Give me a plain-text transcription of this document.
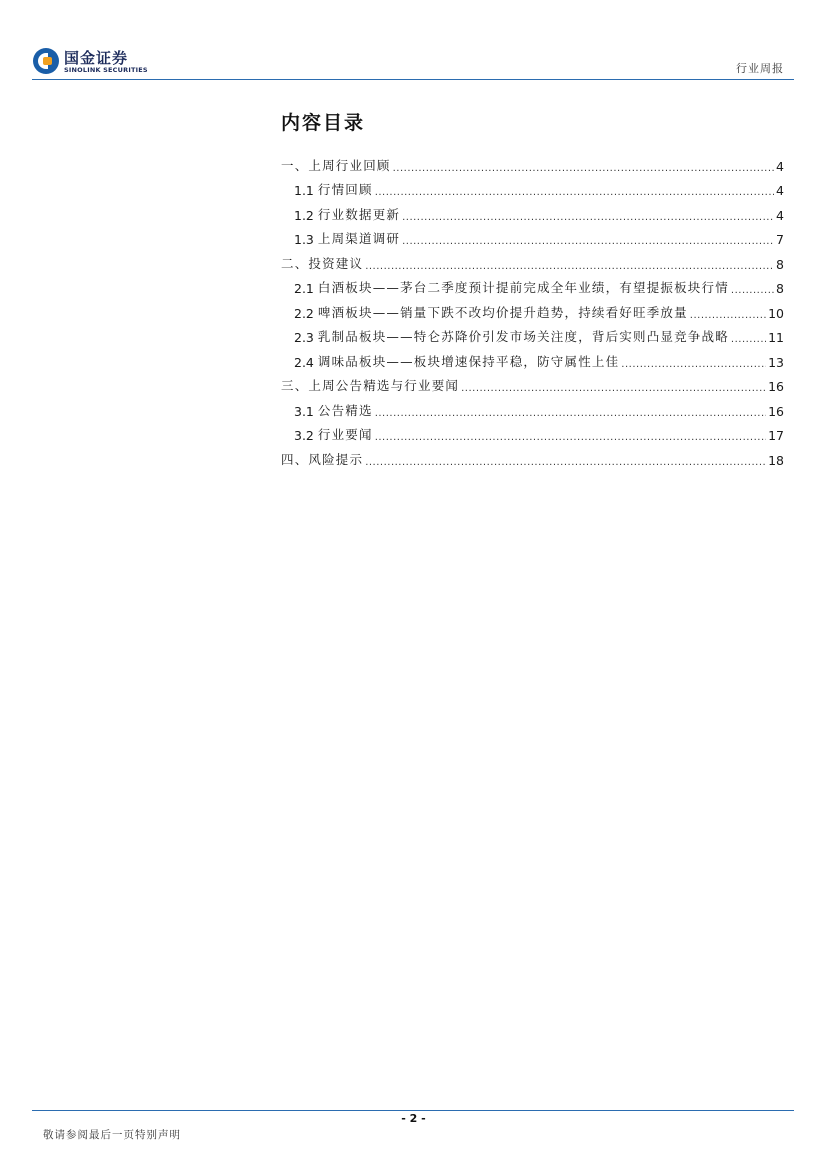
国金证券
SINOLINK SECURITIES	行业周报
内容目录
一、上周行业回顾 .....	4
1.1 行情回顾 .....	4
1.2 行业数据更新 .....	4
1.3 上周渠道调研 .....	7
二、投资建议 .....	8
2.1 白酒板块——茅台二季度预计提前完成全年业绩，有望提振板块行情 .....	8
2.2 啤酒板块——销量下跌不改均价提升趋势，持续看好旺季放量 .....	10
2.3 乳制品板块——特仑苏降价引发市场关注度，背后实则凸显竞争战略 .....	11
2.4 调味品板块——板块增速保持平稳，防守属性上佳 .....	13
三、上周公告精选与行业要闻 .....	16
3.1 公告精选 .....	16
3.2 行业要闻 .....	17
四、风险提示 .....	18
- 2 -
敬请参阅最后一页特别声明
